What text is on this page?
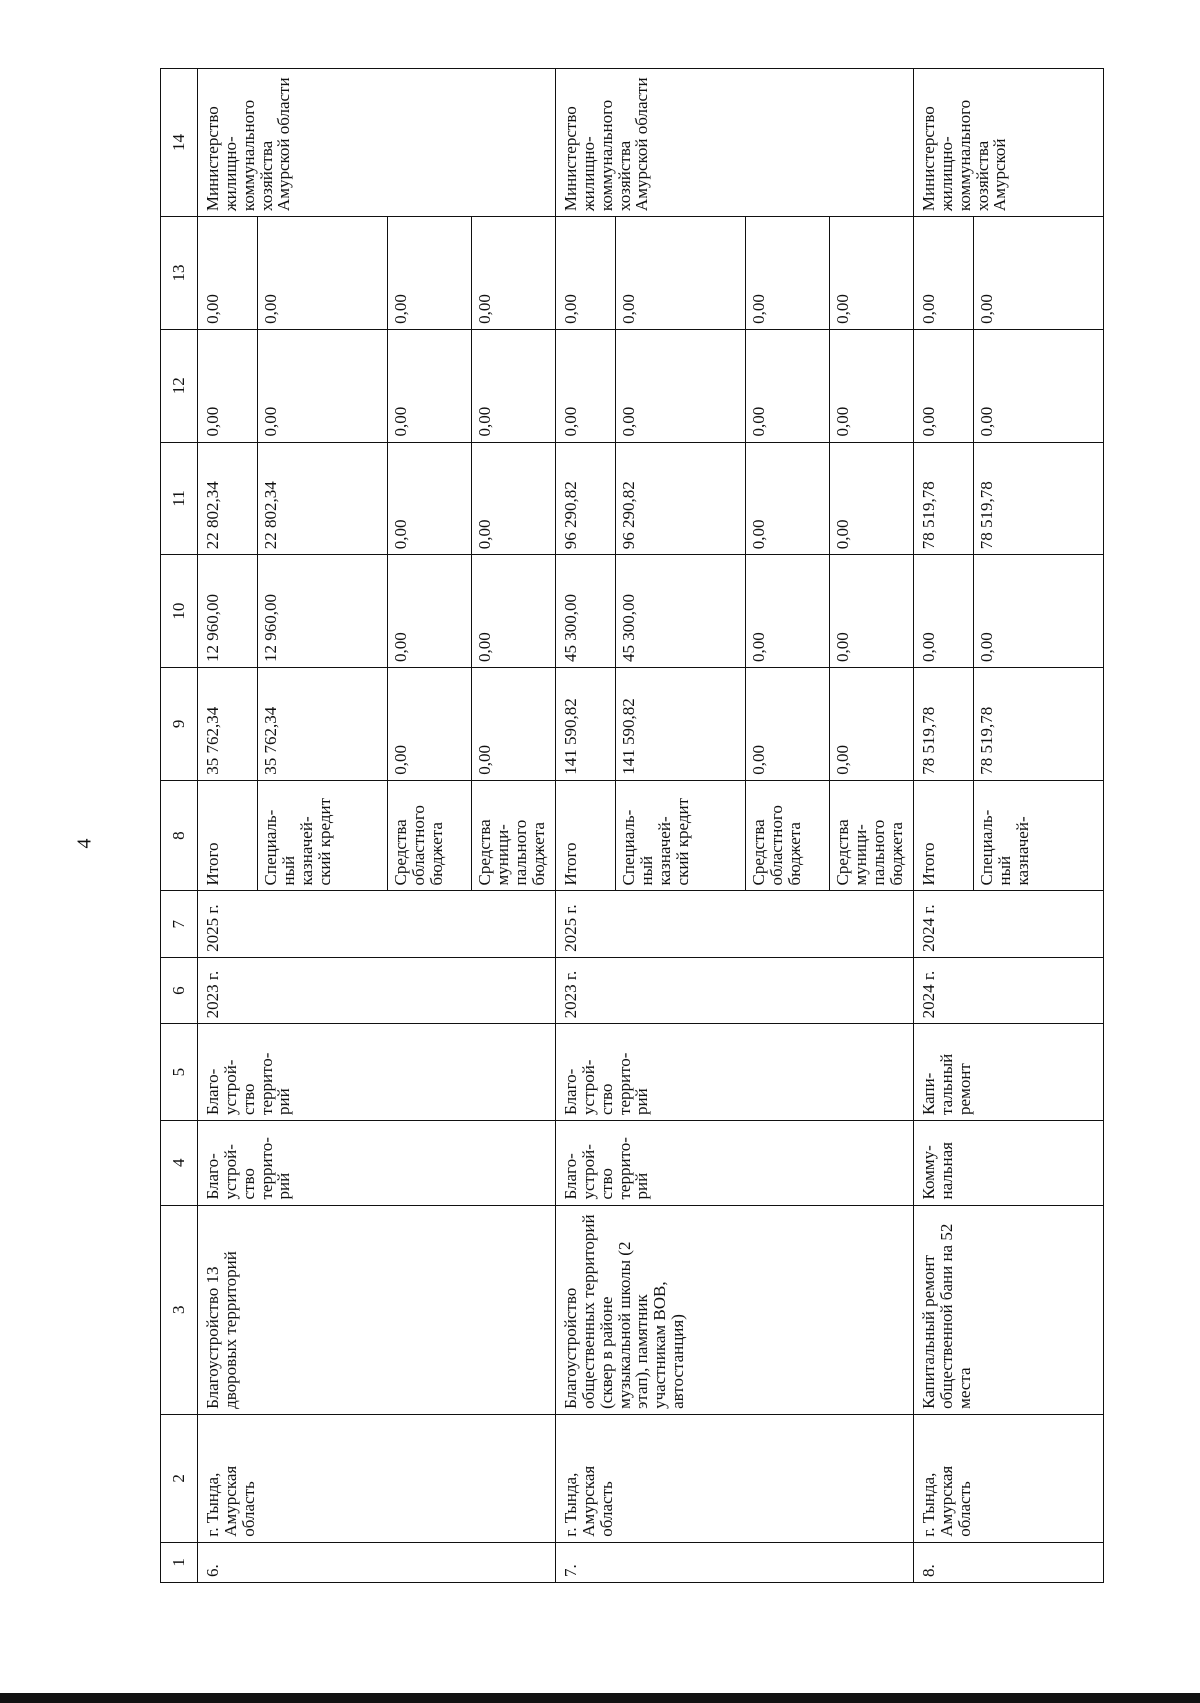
4
1	2	3	4	5	6	7	8	9	10	11	12	13	14
6.	г. Тында, Амурская область	Благоустройство 13 дворовых территорий	Благо-устрой-ство террито-рий	Благо-устрой-ство террито-рий	2023 г.	2025 г.	Итого	35 762,34	12 960,00	22 802,34	0,00	0,00	Министерство жилищно-коммунального хозяйства Амурской области
							Специаль-ный казначей-ский кредит	35 762,34	12 960,00	22 802,34	0,00	0,00	
							Средства областного бюджета	0,00	0,00	0,00	0,00	0,00	
							Средства муници-пального бюджета	0,00	0,00	0,00	0,00	0,00	
7.	г. Тында, Амурская область	Благоустройство общественных территорий (сквер в районе музыкальной школы (2 этап), памятник участникам ВОВ, автостанция)	Благо-устрой-ство террито-рий	Благо-устрой-ство террито-рий	2023 г.	2025 г.	Итого	141 590,82	45 300,00	96 290,82	0,00	0,00	Министерство жилищно-коммунального хозяйства Амурской области
							Специаль-ный казначей-ский кредит	141 590,82	45 300,00	96 290,82	0,00	0,00	
							Средства областного бюджета	0,00	0,00	0,00	0,00	0,00	
							Средства муници-пального бюджета	0,00	0,00	0,00	0,00	0,00	
8.	г. Тында, Амурская область	Капитальный ремонт общественной бани на 52 места	Комму-нальная	Капи-тальный ремонт	2024 г.	2024 г.	Итого	78 519,78	0,00	78 519,78	0,00	0,00	Министерство жилищно-коммунального хозяйства Амурской
							Специаль-ный казначей-	78 519,78	0,00	78 519,78	0,00	0,00	
